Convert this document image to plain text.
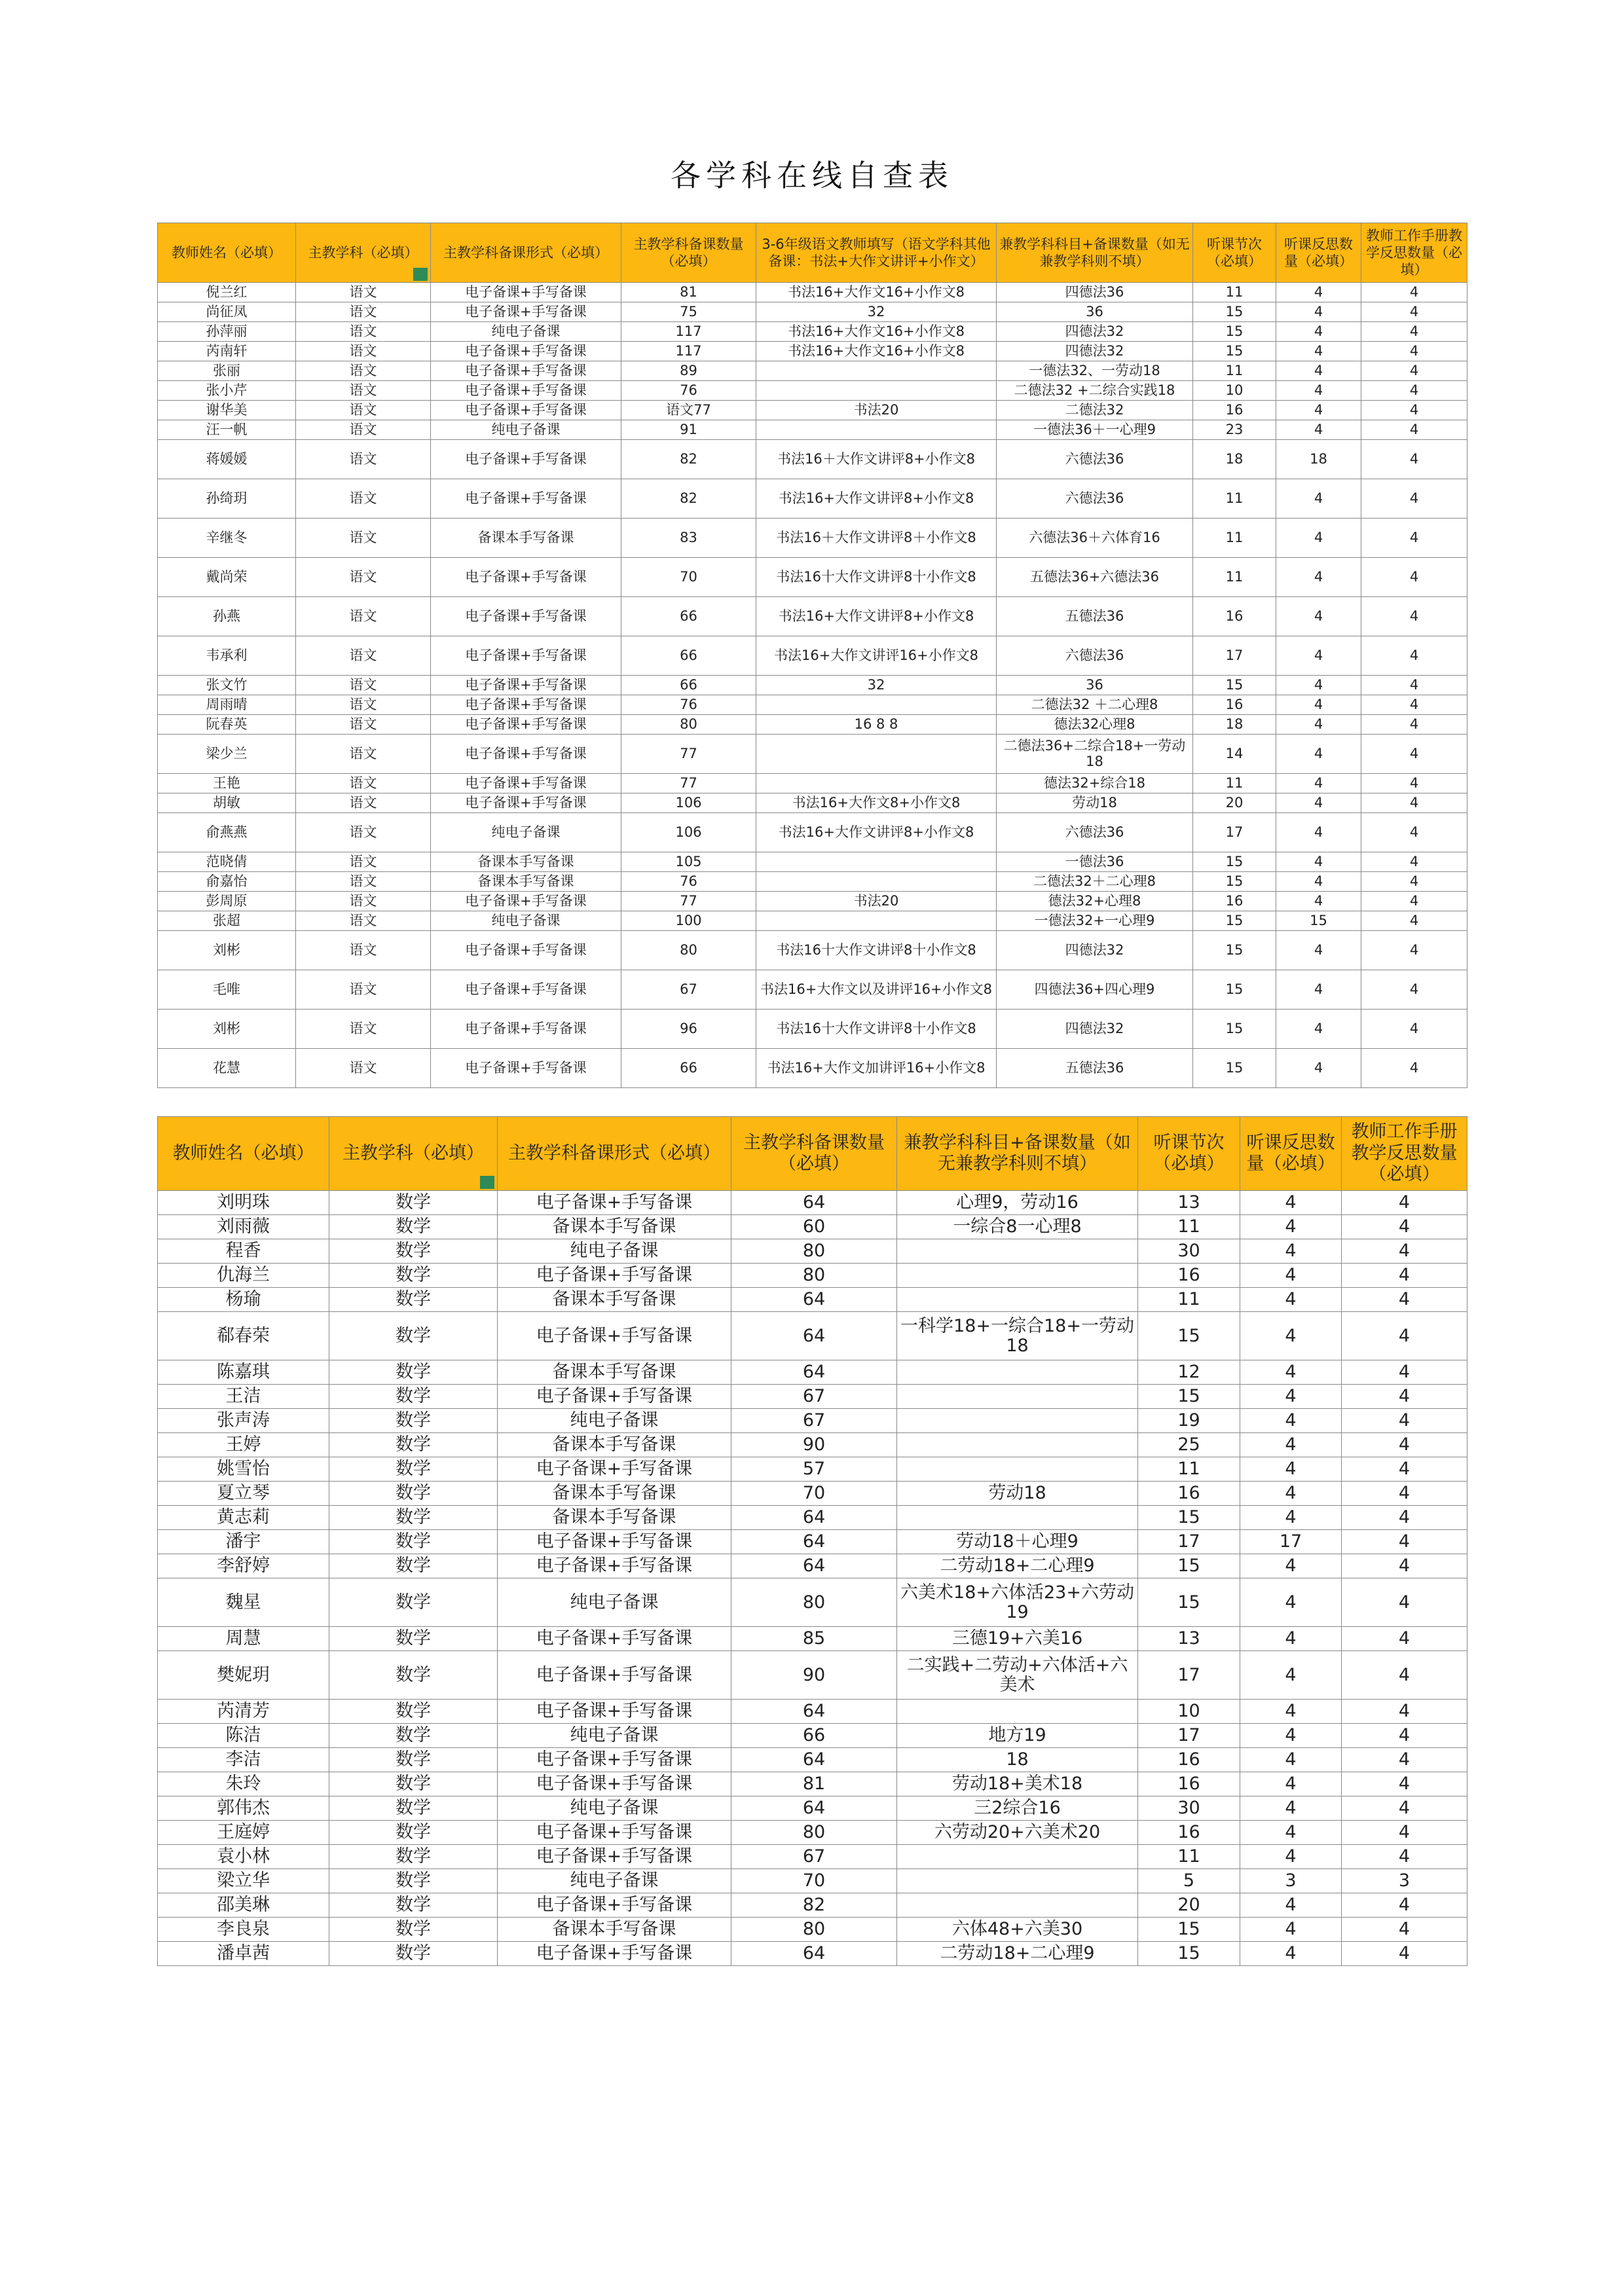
各学科在线自查表
教师姓名（必填）	主教学科（必填）	主教学科备课形式（必填）	主教学科备课数量（必填）	3-6年级语文教师填写（语文学科其他备课：书法+大作文讲评+小作文）	兼教学科科目+备课数量（如无兼教学科则不填）	听课节次（必填）	听课反思数量（必填）	教师工作手册教学反思数量（必填）
倪兰红	语文	电子备课+手写备课	81	书法16+大作文16+小作文8	四德法36	11	4	4
尚征凤	语文	电子备课+手写备课	75	32	36	15	4	4
孙萍丽	语文	纯电子备课	117	书法16+大作文16+小作文8	四德法32	15	4	4
芮南轩	语文	电子备课+手写备课	117	书法16+大作文16+小作文8	四德法32	15	4	4
张丽	语文	电子备课+手写备课	89		一德法32、一劳动18	11	4	4
张小芹	语文	电子备课+手写备课	76		二德法32 +二综合实践18	10	4	4
谢华美	语文	电子备课+手写备课	语文77	书法20	二德法32	16	4	4
汪一帆	语文	纯电子备课	91		一德法36＋一心理9	23	4	4
蒋媛媛	语文	电子备课+手写备课	82	书法16＋大作文讲评8+小作文8	六德法36	18	18	4
孙绮玥	语文	电子备课+手写备课	82	书法16+大作文讲评8+小作文8	六德法36	11	4	4
辛继冬	语文	备课本手写备课	83	书法16＋大作文讲评8＋小作文8	六德法36＋六体育16	11	4	4
戴尚荣	语文	电子备课+手写备课	70	书法16十大作文讲评8十小作文8	五德法36+六德法36	11	4	4
孙燕	语文	电子备课+手写备课	66	书法16+大作文讲评8+小作文8	五德法36	16	4	4
韦承利	语文	电子备课+手写备课	66	书法16+大作文讲评16+小作文8	六德法36	17	4	4
张文竹	语文	电子备课+手写备课	66	32	36	15	4	4
周雨晴	语文	电子备课+手写备课	76		二德法32 ＋二心理8	16	4	4
阮春英	语文	电子备课+手写备课	80	16 8 8	德法32心理8	18	4	4
梁少兰	语文	电子备课+手写备课	77		二德法36+二综合18+一劳动18	14	4	4
王艳	语文	电子备课+手写备课	77		德法32+综合18	11	4	4
胡敏	语文	电子备课+手写备课	106	书法16+大作文8+小作文8	劳动18	20	4	4
俞燕燕	语文	纯电子备课	106	书法16+大作文讲评8+小作文8	六德法36	17	4	4
范晓倩	语文	备课本手写备课	105		一德法36	15	4	4
俞嘉怡	语文	备课本手写备课	76		二德法32＋二心理8	15	4	4
彭周原	语文	电子备课+手写备课	77	书法20	德法32+心理8	16	4	4
张超	语文	纯电子备课	100		一德法32+一心理9	15	15	4
刘彬	语文	电子备课+手写备课	80	书法16十大作文讲评8十小作文8	四德法32	15	4	4
毛唯	语文	电子备课+手写备课	67	书法16+大作文以及讲评16+小作文8	四德法36+四心理9	15	4	4
刘彬	语文	电子备课+手写备课	96	书法16十大作文讲评8十小作文8	四德法32	15	4	4
花慧	语文	电子备课+手写备课	66	书法16+大作文加讲评16+小作文8	五德法36	15	4	4
教师姓名（必填）	主教学科（必填）	主教学科备课形式（必填）	主教学科备课数量（必填）	兼教学科科目+备课数量（如无兼教学科则不填）	听课节次（必填）	听课反思数量（必填）	教师工作手册教学反思数量（必填）
刘明珠	数学	电子备课+手写备课	64	心理9，劳动16	13	4	4
刘雨薇	数学	备课本手写备课	60	一综合8一心理8	11	4	4
程香	数学	纯电子备课	80		30	4	4
仇海兰	数学	电子备课+手写备课	80		16	4	4
杨瑜	数学	备课本手写备课	64		11	4	4
郗春荣	数学	电子备课+手写备课	64	一科学18+一综合18+一劳动18	15	4	4
陈嘉琪	数学	备课本手写备课	64		12	4	4
王洁	数学	电子备课+手写备课	67		15	4	4
张声涛	数学	纯电子备课	67		19	4	4
王婷	数学	备课本手写备课	90		25	4	4
姚雪怡	数学	电子备课+手写备课	57		11	4	4
夏立琴	数学	备课本手写备课	70	劳动18	16	4	4
黄志莉	数学	备课本手写备课	64		15	4	4
潘宇	数学	电子备课+手写备课	64	劳动18＋心理9	17	17	4
李舒婷	数学	电子备课+手写备课	64	二劳动18+二心理9	15	4	4
魏星	数学	纯电子备课	80	六美术18+六体活23+六劳动19	15	4	4
周慧	数学	电子备课+手写备课	85	三德19+六美16	13	4	4
樊妮玥	数学	电子备课+手写备课	90	二实践+二劳动+六体活+六美术	17	4	4
芮清芳	数学	电子备课+手写备课	64		10	4	4
陈洁	数学	纯电子备课	66	地方19	17	4	4
李洁	数学	电子备课+手写备课	64	18	16	4	4
朱玲	数学	电子备课+手写备课	81	劳动18+美术18	16	4	4
郭伟杰	数学	纯电子备课	64	三2综合16	30	4	4
王庭婷	数学	电子备课+手写备课	80	六劳动20+六美术20	16	4	4
袁小林	数学	电子备课+手写备课	67		11	4	4
梁立华	数学	纯电子备课	70		5	3	3
邵美琳	数学	电子备课+手写备课	82		20	4	4
李良泉	数学	备课本手写备课	80	六体48+六美30	15	4	4
潘卓茜	数学	电子备课+手写备课	64	二劳动18+二心理9	15	4	4
